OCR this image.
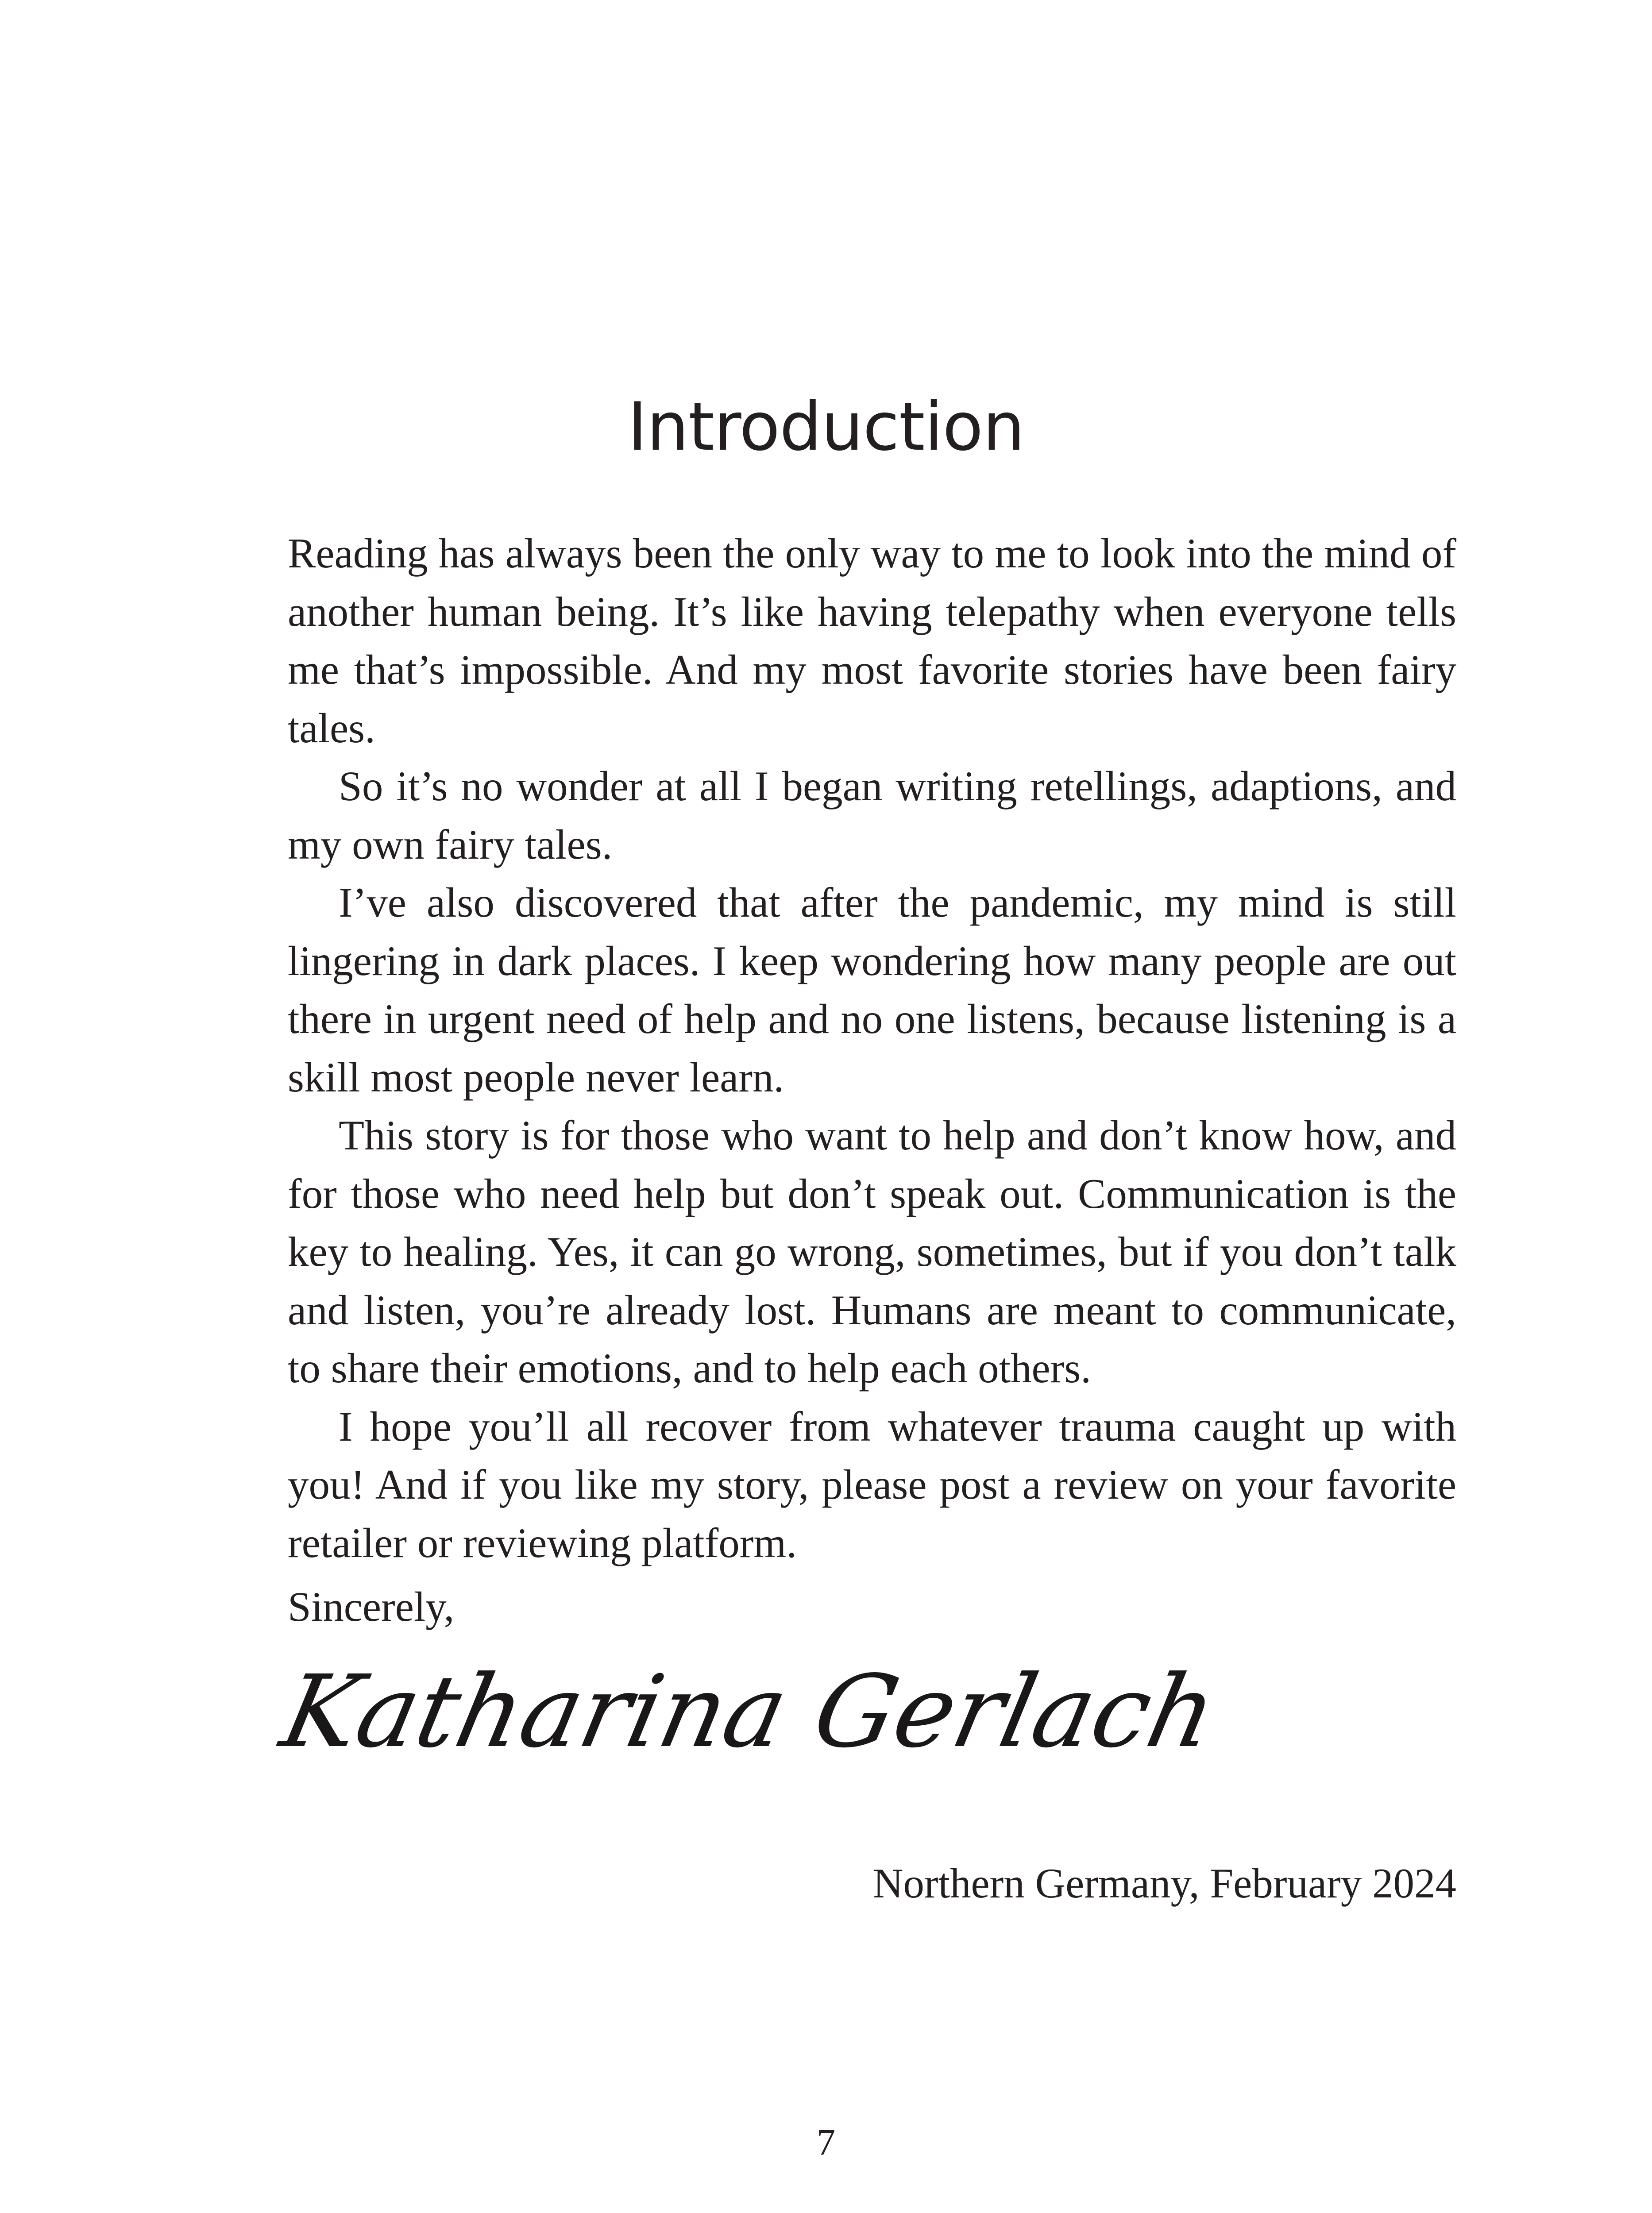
Introduction

Reading has always been the only way to me to look into the mind of another human being. It’s like having telepathy when everyone tells me that’s impossible. And my most favorite stories have been fairy tales.

So it’s no wonder at all I began writing retellings, adaptions, and my own fairy tales.

I’ve also discovered that after the pandemic, my mind is still lingering in dark places. I keep wondering how many people are out there in urgent need of help and no one listens, because listening is a skill most people never learn.

This story is for those who want to help and don’t know how, and for those who need help but don’t speak out. Communication is the key to healing. Yes, it can go wrong, sometimes, but if you don’t talk and listen, you’re already lost. Humans are meant to communicate, to share their emotions, and to help each others.

I hope you’ll all recover from whatever trauma caught up with you! And if you like my story, please post a review on your favorite retailer or reviewing platform.

Sincerely,

Katharina Gerlach

Northern Germany, February 2024

7
